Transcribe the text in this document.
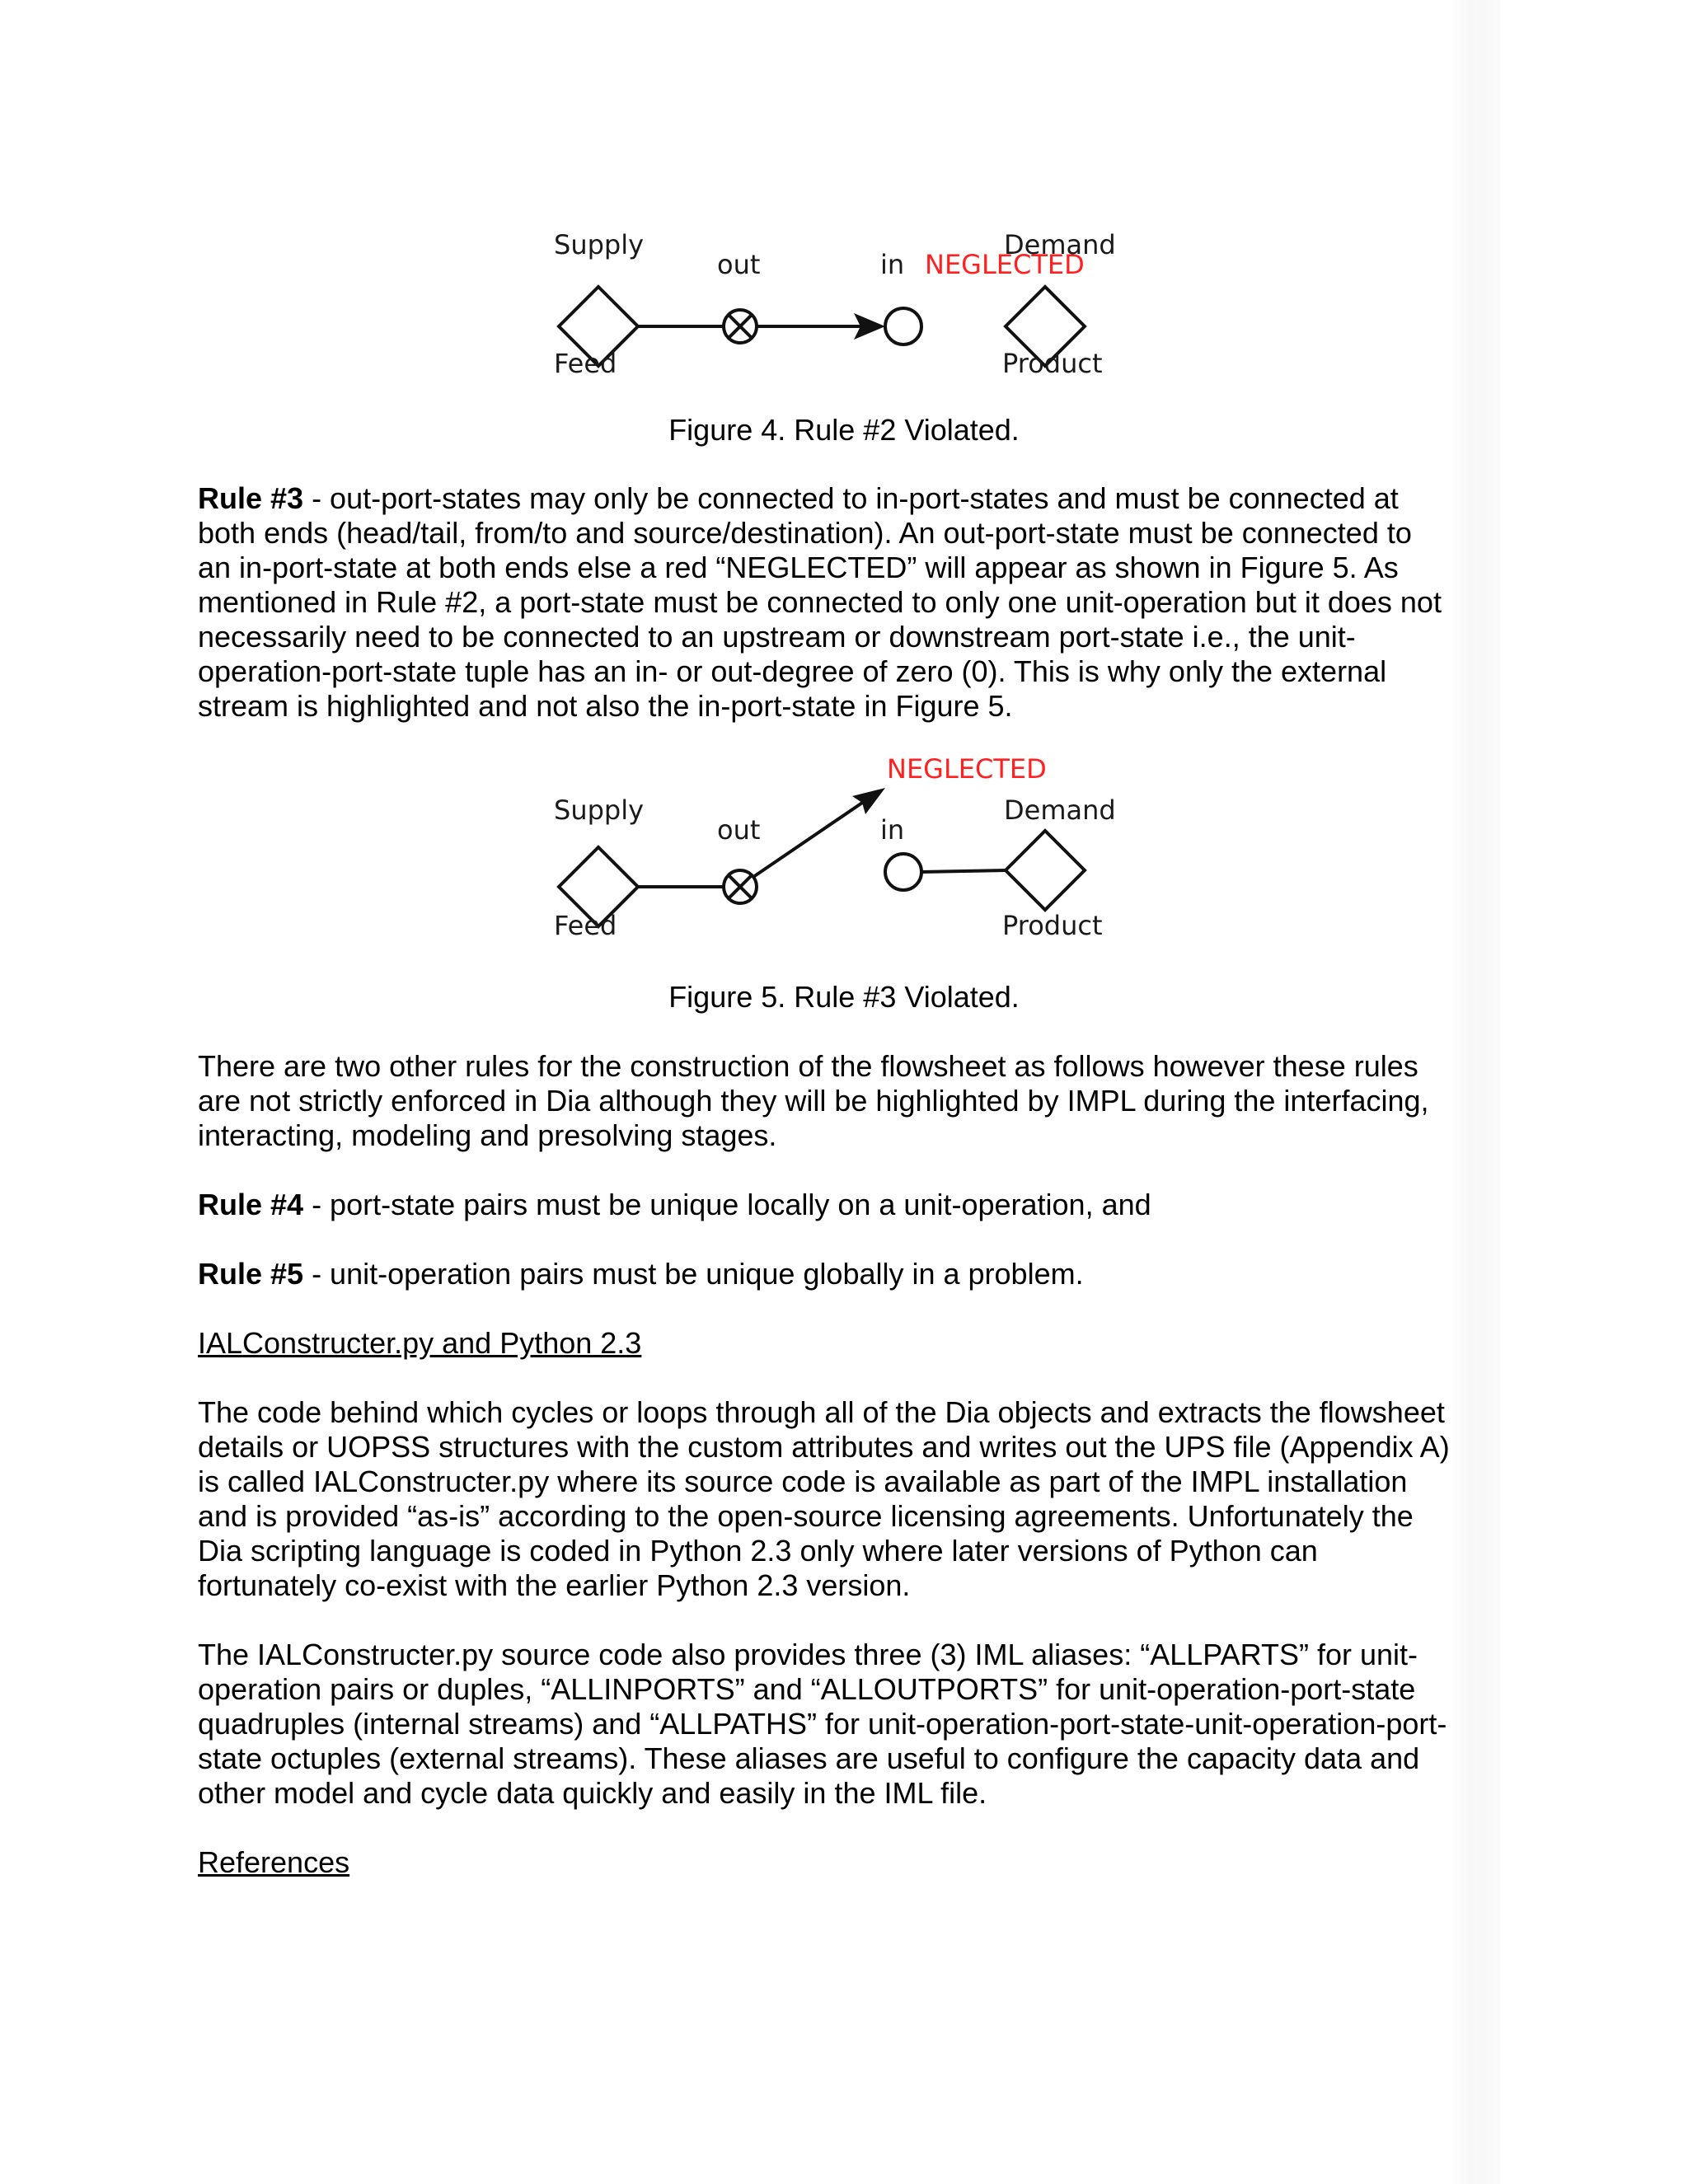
Supply
out	in
Demand
NEGLECTED
Feed	Product

Figure 4. Rule #2 Violated.

Rule #3 - out-port-states may only be connected to in-port-states and must be connected at
both ends (head/tail, from/to and source/destination). An out-port-state must be connected to
an in-port-state at both ends else a red “NEGLECTED” will appear as shown in Figure 5. As
mentioned in Rule #2, a port-state must be connected to only one unit-operation but it does not
necessarily need to be connected to an upstream or downstream port-state i.e., the unit-
operation-port-state tuple has an in- or out-degree of zero (0). This is why only the external
stream is highlighted and not also the in-port-state in Figure 5.

NEGLECTED
Supply
out	in
Demand
Feed	Product

Figure 5. Rule #3 Violated.

There are two other rules for the construction of the flowsheet as follows however these rules
are not strictly enforced in Dia although they will be highlighted by IMPL during the interfacing,
interacting, modeling and presolving stages.

Rule #4 - port-state pairs must be unique locally on a unit-operation, and

Rule #5 - unit-operation pairs must be unique globally in a problem.

IALConstructer.py and Python 2.3

The code behind which cycles or loops through all of the Dia objects and extracts the flowsheet
details or UOPSS structures with the custom attributes and writes out the UPS file (Appendix A)
is called IALConstructer.py where its source code is available as part of the IMPL installation
and is provided “as-is” according to the open-source licensing agreements. Unfortunately the
Dia scripting language is coded in Python 2.3 only where later versions of Python can
fortunately co-exist with the earlier Python 2.3 version.

The IALConstructer.py source code also provides three (3) IML aliases: “ALLPARTS” for unit-
operation pairs or duples, “ALLINPORTS” and “ALLOUTPORTS” for unit-operation-port-state
quadruples (internal streams) and “ALLPATHS” for unit-operation-port-state-unit-operation-port-
state octuples (external streams). These aliases are useful to configure the capacity data and
other model and cycle data quickly and easily in the IML file.

References
